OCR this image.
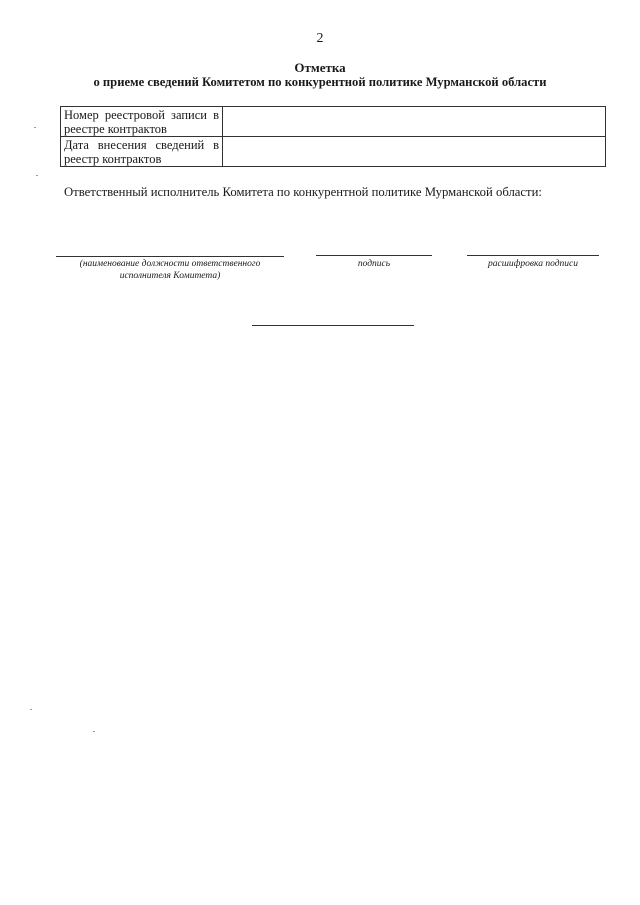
2
Отметка
о приеме сведений Комитетом по конкурентной политике Мурманской области
Номер реестровой записи в реестре контрактов	
Дата внесения сведений в реестр контрактов	
Ответственный исполнитель Комитета по конкурентной политике Мурманской области:
(наименование должности ответственного исполнителя Комитета)
подпись	расшифровка подписи
